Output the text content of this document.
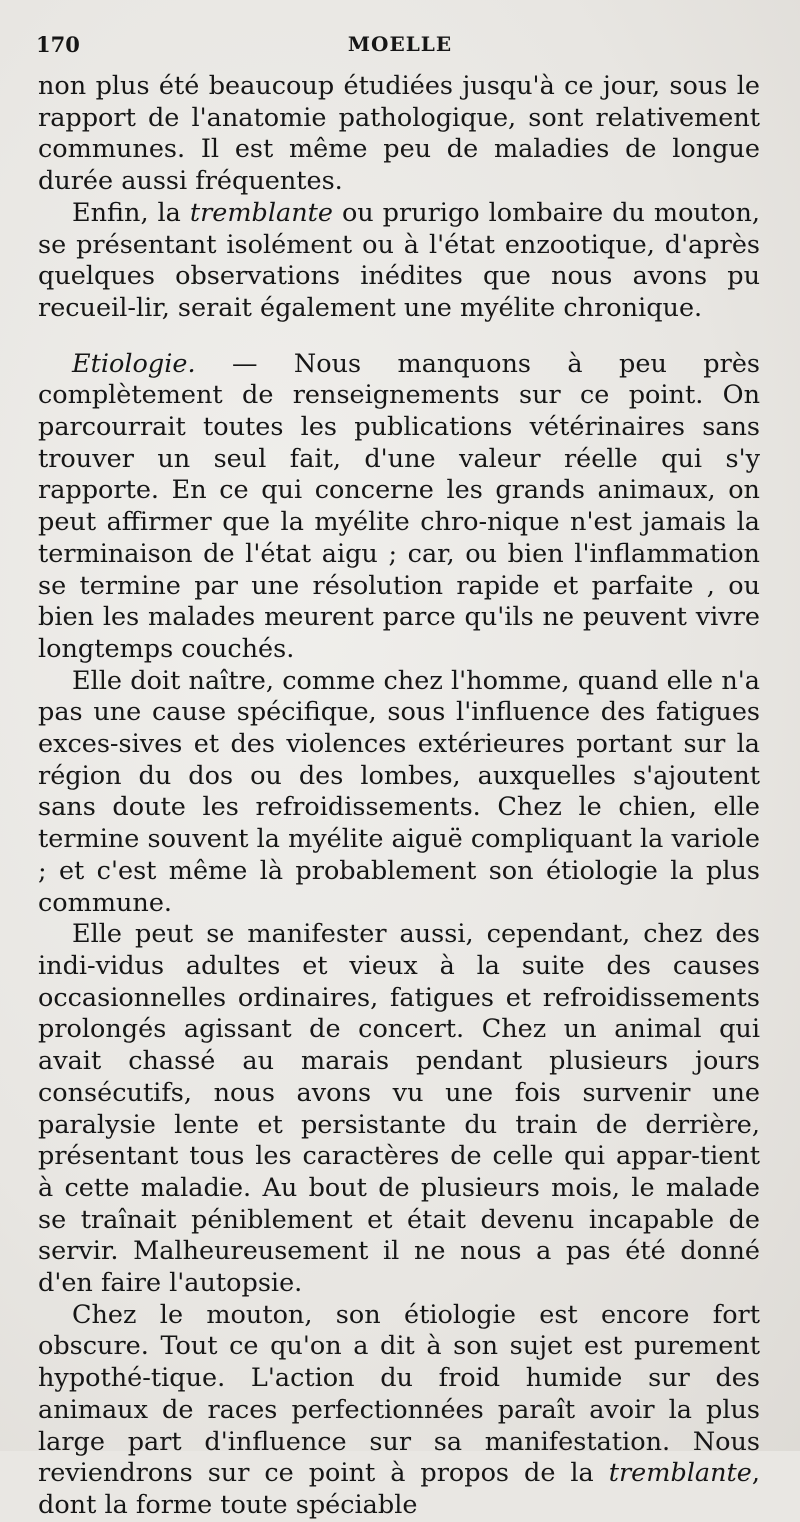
170	MOELLE

non plus été beaucoup étudiées jusqu'à ce jour, sous le rapport de l'anatomie pathologique, sont relativement communes. Il est même peu de maladies de longue durée aussi fréquentes.

Enfin, la tremblante ou prurigo lombaire du mouton, se présentant isolément ou à l'état enzootique, d'après quelques observations inédites que nous avons pu recueil-lir, serait également une myélite chronique.

Etiologie. — Nous manquons à peu près complètement de renseignements sur ce point. On parcourrait toutes les publications vétérinaires sans trouver un seul fait, d'une valeur réelle qui s'y rapporte. En ce qui concerne les grands animaux, on peut affirmer que la myélite chro-nique n'est jamais la terminaison de l'état aigu ; car, ou bien l'inflammation se termine par une résolution rapide et parfaite , ou bien les malades meurent parce qu'ils ne peuvent vivre longtemps couchés.

Elle doit naître, comme chez l'homme, quand elle n'a pas une cause spécifique, sous l'influence des fatigues exces-sives et des violences extérieures portant sur la région du dos ou des lombes, auxquelles s'ajoutent sans doute les refroidissements. Chez le chien, elle termine souvent la myélite aiguë compliquant la variole ; et c'est même là probablement son étiologie la plus commune.

Elle peut se manifester aussi, cependant, chez des indi-vidus adultes et vieux à la suite des causes occasionnelles ordinaires, fatigues et refroidissements prolongés agissant de concert. Chez un animal qui avait chassé au marais pendant plusieurs jours consécutifs, nous avons vu une fois survenir une paralysie lente et persistante du train de derrière, présentant tous les caractères de celle qui appar-tient à cette maladie. Au bout de plusieurs mois, le malade se traînait péniblement et était devenu incapable de servir. Malheureusement il ne nous a pas été donné d'en faire l'autopsie.

Chez le mouton, son étiologie est encore fort obscure. Tout ce qu'on a dit à son sujet est purement hypothé-tique. L'action du froid humide sur des animaux de races perfectionnées paraît avoir la plus large part d'influence sur sa manifestation. Nous reviendrons sur ce point à propos de la tremblante, dont la forme toute spéciable
